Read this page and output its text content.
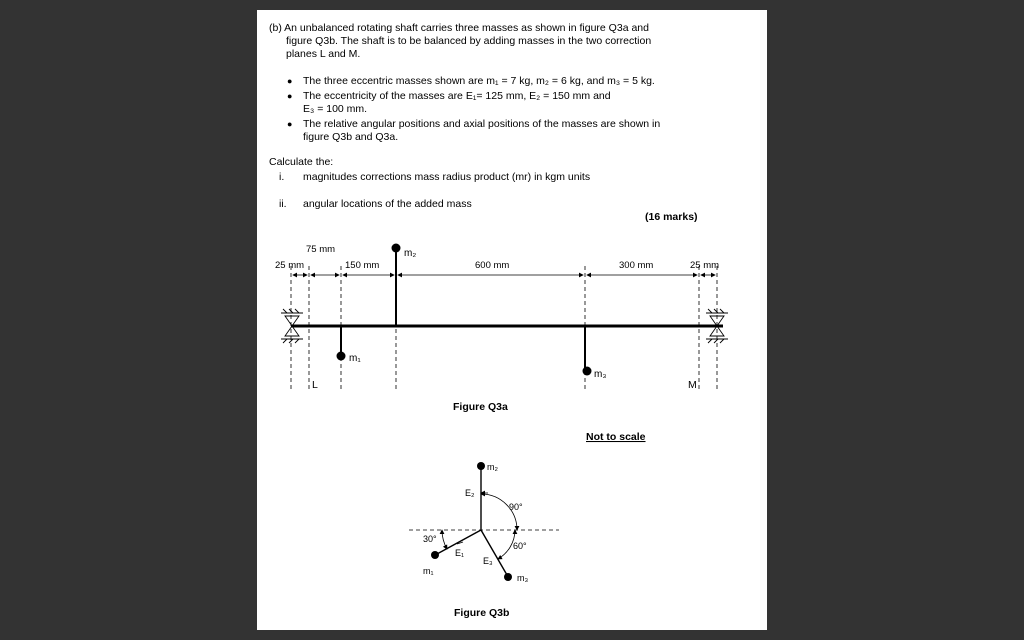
(b) An unbalanced rotating shaft carries three masses as shown in figure Q3a and
figure Q3b. The shaft is to be balanced by adding masses in the two correction
planes L and M.
● The three eccentric masses shown are m₁ = 7 kg, m₂ = 6 kg, and m₃ = 5 kg.
● The eccentricity of the masses are E₁= 125 mm, E₂ = 150 mm and
E₃ = 100 mm.
● The relative angular positions and axial positions of the masses are shown in
figure Q3b and Q3a.
Calculate the:
i. magnitudes corrections mass radius product (mr) in kgm units
ii. angular locations of the added mass
(16 marks)
25 mm
75 mm
150 mm	600 mm	300 mm	25 mm
m₁
m₂
m₃
L	M
Figure Q3a
Not to scale
m₂
m₁
m₃
E₂
E₁
E₃
90°
60°
30°
Figure Q3b
